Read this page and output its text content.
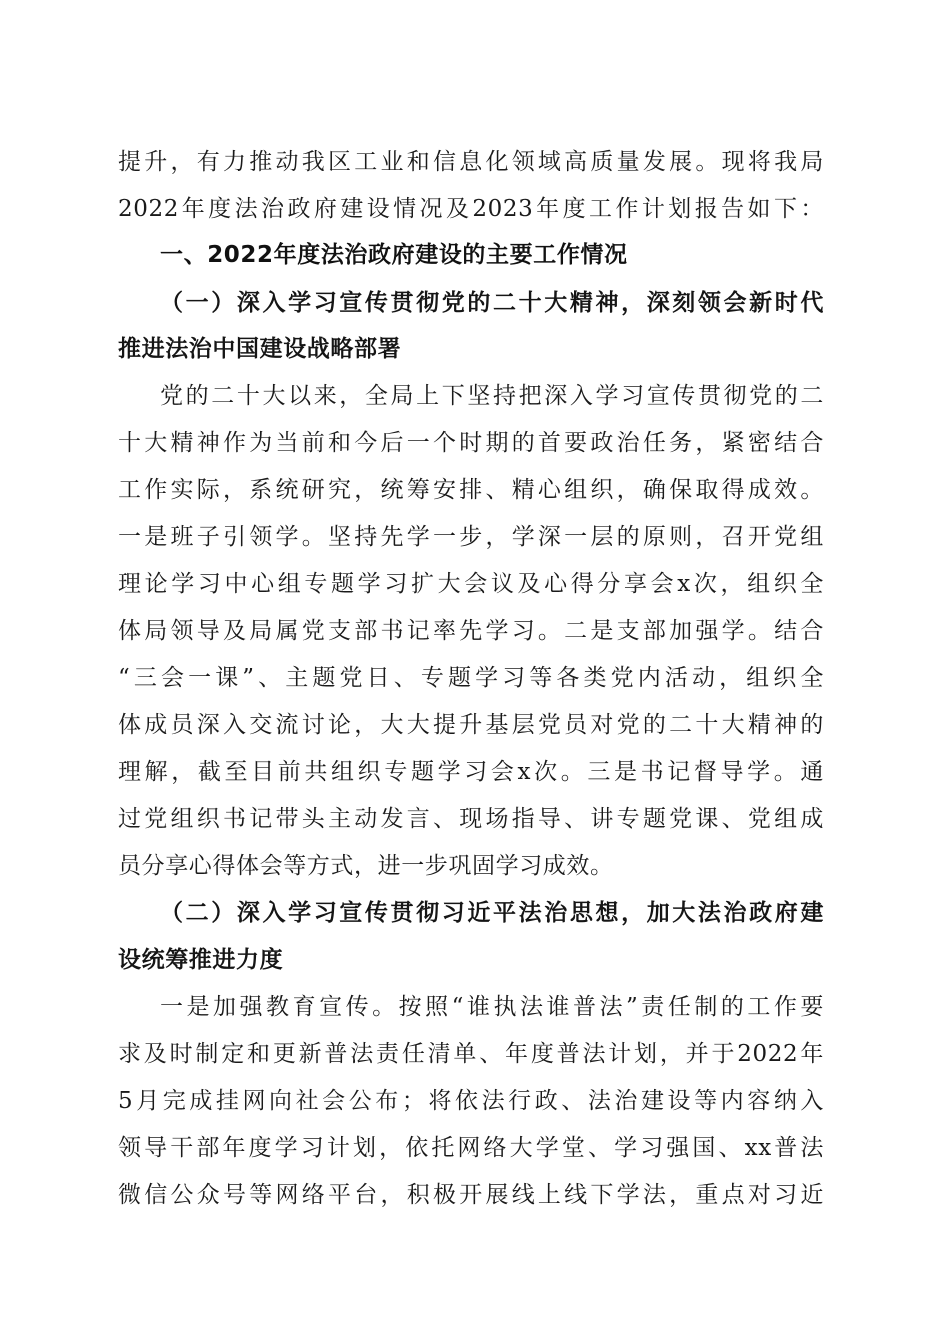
提升，有力推动我区工业和信息化领域高质量发展。现将我局
2022年度法治政府建设情况及2023年度工作计划报告如下：
一、2022年度法治政府建设的主要工作情况
（一）深入学习宣传贯彻党的二十大精神，深刻领会新时代
推进法治中国建设战略部署
党的二十大以来，全局上下坚持把深入学习宣传贯彻党的二
十大精神作为当前和今后一个时期的首要政治任务，紧密结合
工作实际，系统研究，统筹安排、精心组织，确保取得成效。
一是班子引领学。坚持先学一步，学深一层的原则，召开党组
理论学习中心组专题学习扩大会议及心得分享会x次，组织全
体局领导及局属党支部书记率先学习。二是支部加强学。结合
“三会一课”、主题党日、专题学习等各类党内活动，组织全
体成员深入交流讨论，大大提升基层党员对党的二十大精神的
理解，截至目前共组织专题学习会x次。三是书记督导学。通
过党组织书记带头主动发言、现场指导、讲专题党课、党组成
员分享心得体会等方式，进一步巩固学习成效。
（二）深入学习宣传贯彻习近平法治思想，加大法治政府建
设统筹推进力度
一是加强教育宣传。按照“谁执法谁普法”责任制的工作要
求及时制定和更新普法责任清单、年度普法计划，并于2022年
5月完成挂网向社会公布；将依法行政、法治建设等内容纳入
领导干部年度学习计划，依托网络大学堂、学习强国、xx普法
微信公众号等网络平台，积极开展线上线下学法，重点对习近
